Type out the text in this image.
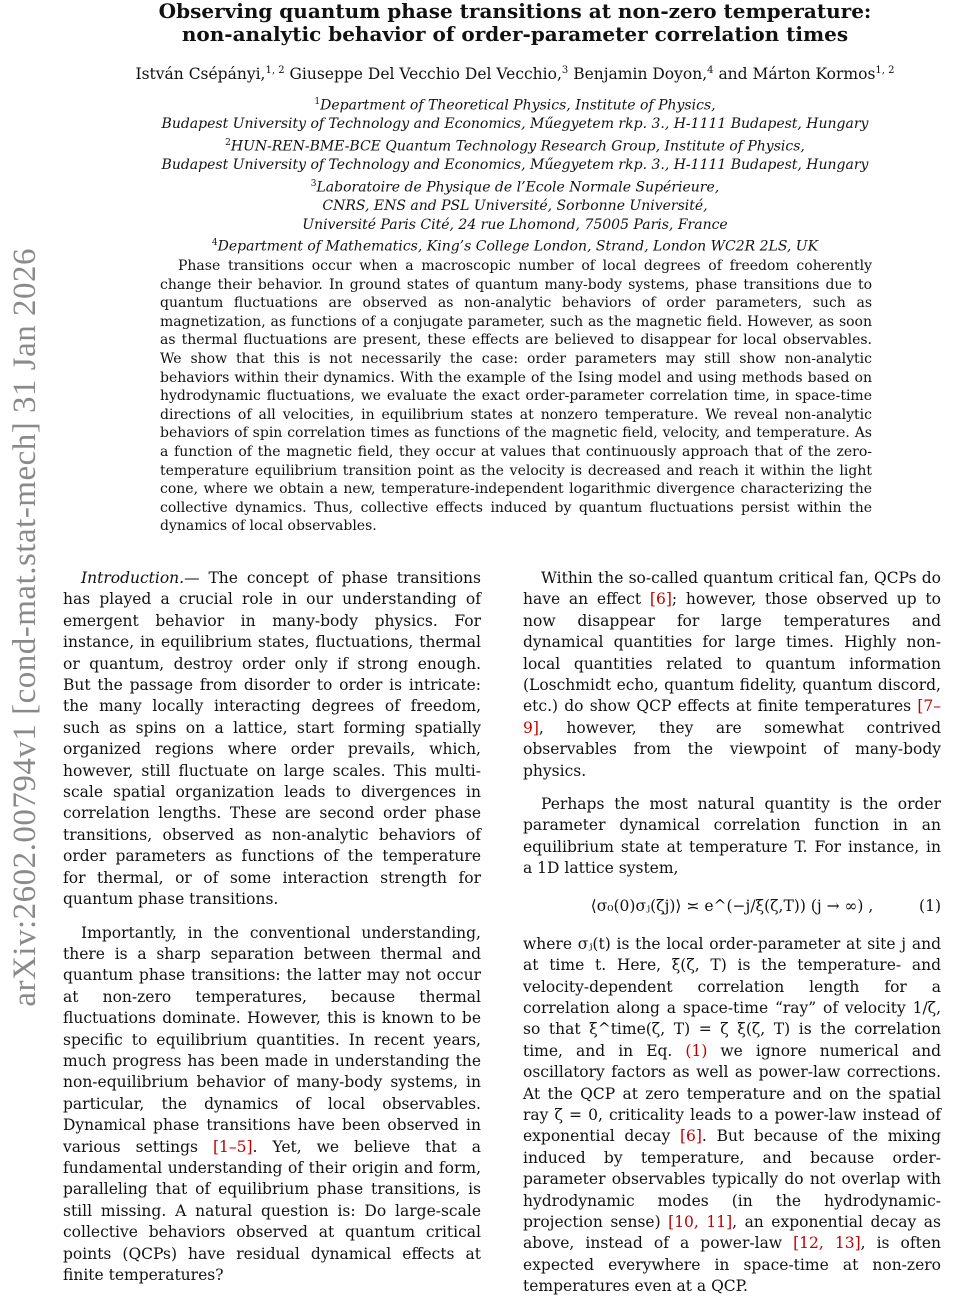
arXiv:2602.00794v1 [cond-mat.stat-mech] 31 Jan 2026
Observing quantum phase transitions at non-zero temperature:
non-analytic behavior of order-parameter correlation times
István Csépányi,$^{1, 2}$ Giuseppe Del Vecchio Del Vecchio,$^3$ Benjamin Doyon,$^4$ and Márton Kormos$^{1, 2}$
$^1$Department of Theoretical Physics, Institute of Physics,
Budapest University of Technology and Economics, Műegyetem rkp. 3., H-1111 Budapest, Hungary
$^2$HUN-REN-BME-BCE Quantum Technology Research Group, Institute of Physics,
Budapest University of Technology and Economics, Műegyetem rkp. 3., H-1111 Budapest, Hungary
$^3$Laboratoire de Physique de l’Ecole Normale Supérieure,
CNRS, ENS and PSL Université, Sorbonne Université,
Université Paris Cité, 24 rue Lhomond, 75005 Paris, France
$^4$Department of Mathematics, King’s College London, Strand, London WC2R 2LS, UK
Phase transitions occur when a macroscopic number of local degrees of freedom coherently change their behavior. In ground states of quantum many-body systems, phase transitions due to quantum fluctuations are observed as non-analytic behaviors of order parameters, such as magnetization, as functions of a conjugate parameter, such as the magnetic field. However, as soon as thermal fluctuations are present, these effects are believed to disappear for local observables. We show that this is not necessarily the case: order parameters may still show non-analytic behaviors within their dynamics. With the example of the Ising model and using methods based on hydrodynamic fluctuations, we evaluate the exact order-parameter correlation time, in space-time directions of all velocities, in equilibrium states at nonzero temperature. We reveal non-analytic behaviors of spin correlation times as functions of the magnetic field, velocity, and temperature. As a function of the magnetic field, they occur at values that continuously approach that of the zero-temperature equilibrium transition point as the velocity is decreased and reach it within the light cone, where we obtain a new, temperature-independent logarithmic divergence characterizing the collective dynamics. Thus, collective effects induced by quantum fluctuations persist within the dynamics of local observables.

Introduction.— The concept of phase transitions has played a crucial role in our understanding of emergent behavior in many-body physics. For instance, in equilibrium states, fluctuations, thermal or quantum, destroy order only if strong enough. But the passage from disorder to order is intricate: the many locally interacting degrees of freedom, such as spins on a lattice, start forming spatially organized regions where order prevails, which, however, still fluctuate on large scales. This multi-scale spatial organization leads to divergences in correlation lengths. These are second order phase transitions, observed as non-analytic behaviors of order parameters as functions of the temperature for thermal, or of some interaction strength for quantum phase transitions.

Importantly, in the conventional understanding, there is a sharp separation between thermal and quantum phase transitions: the latter may not occur at non-zero temperatures, because thermal fluctuations dominate. However, this is known to be specific to equilibrium quantities. In recent years, much progress has been made in understanding the non-equilibrium behavior of many-body systems, in particular, the dynamics of local observables. Dynamical phase transitions have been observed in various settings [1–5]. Yet, we believe that a fundamental understanding of their origin and form, paralleling that of equilibrium phase transitions, is still missing. A natural question is: Do large-scale collective behaviors observed at quantum critical points (QCPs) have residual dynamical effects at finite temperatures?

Within the so-called quantum critical fan, QCPs do have an effect [6]; however, those observed up to now disappear for large temperatures and dynamical quantities for large times. Highly non-local quantities related to quantum information (Loschmidt echo, quantum fidelity, quantum discord, etc.) do show QCP effects at finite temperatures [7–9], however, they are somewhat contrived observables from the viewpoint of many-body physics.

Perhaps the most natural quantity is the order parameter dynamical correlation function in an equilibrium state at temperature T. For instance, in a 1D lattice system,

⟨σ₀(0)σⱼ(ζj)⟩ ≍ e^(−j/ξ(ζ,T)) (j → ∞) ,	(1)

where σⱼ(t) is the local order-parameter at site j and at time t. Here, ξ(ζ, T) is the temperature- and velocity-dependent correlation length for a correlation along a space-time “ray” of velocity 1/ζ, so that ξ^time(ζ, T) = ζ ξ(ζ, T) is the correlation time, and in Eq. (1) we ignore numerical and oscillatory factors as well as power-law corrections. At the QCP at zero temperature and on the spatial ray ζ = 0, criticality leads to a power-law instead of exponential decay [6]. But because of the mixing induced by temperature, and because order-parameter observables typically do not overlap with hydrodynamic modes (in the hydrodynamic-projection sense) [10, 11], an exponential decay as above, instead of a power-law [12, 13], is often expected everywhere in space-time at non-zero temperatures even at a QCP.
